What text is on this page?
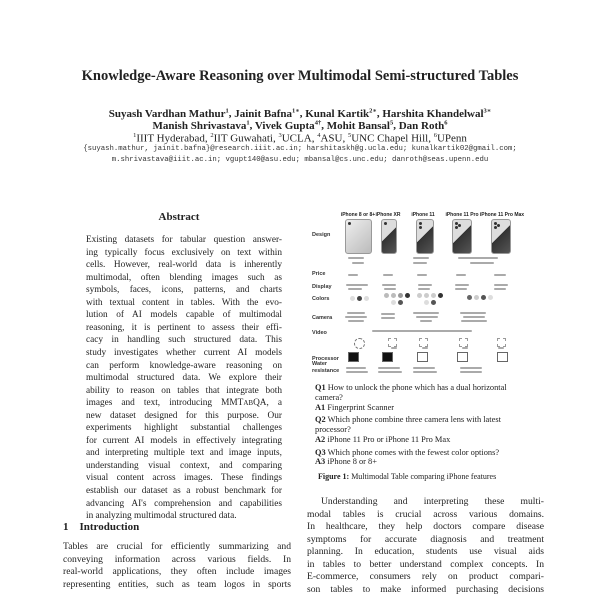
Knowledge-Aware Reasoning over Multimodal Semi-structured Tables
Suyash Vardhan Mathur$^1$, Jainit Bafna$^{1∗}$, Kunal Kartik$^{2∗}$, Harshita Khandelwal$^{3∗}$
Manish Shrivastava$^1$, Vivek Gupta$^{4\dagger}$, Mohit Bansal$^5$, Dan Roth$^6$
$^1$IIIT Hyderabad, $^2$IIT Guwahati, $^3$UCLA, $^4$ASU, $^5$UNC Chapel Hill, $^6$UPenn
{suyash.mathur, jainit.bafna}@research.iiit.ac.in; harshitaskh@g.ucla.edu; kunalkartik02@gmail.com;
m.shrivastava@iiit.ac.in; vgupt140@asu.edu; mbansal@cs.unc.edu; danroth@seas.upenn.edu
Abstract
Existing datasets for tabular question answer-
ing typically focus exclusively on text within
cells. However, real-world data is inherently
multimodal, often blending images such as
symbols, faces, icons, patterns, and charts
with textual content in tables. With the evo-
lution of AI models capable of multimodal
reasoning, it is pertinent to assess their effi-
cacy in handling such structured data. This
study investigates whether current AI models
can perform knowledge-aware reasoning on
multimodal structured data. We explore their
ability to reason on tables that integrate both
images and text, introducing MMTabQA, a
new dataset designed for this purpose. Our
experiments highlight substantial challenges
for current AI models in effectively integrating
and interpreting multiple text and image inputs,
understanding visual context, and comparing
visual content across images. These findings
establish our dataset as a robust benchmark for
advancing AI's comprehension and capabilities
in analyzing multimodal structured data.
1 Introduction
Tables are crucial for efficiently summarizing and
conveying information across various fields. In
real-world applications, they often include images
representing entities, such as team logos in sports
iPhone 8 or 8+ iPhone XR iPhone 11 iPhone 11 Pro iPhone 11 Pro Max
Design
Price
Display
Colors
Camera
Video
Processor
Water resistance
Q1 How to unlock the phone which has a dual horizontal
camera?
A1 Fingerprint Scanner
Q2 Which phone combine three camera lens with latest
processor?
A2 iPhone 11 Pro or iPhone 11 Pro Max
Q3 Which phone comes with the fewest color options?
A3 iPhone 8 or 8+
Figure 1: Multimodal Table comparing iPhone features
Understanding and interpreting these multi-
modal tables is crucial across various domains.
In healthcare, they help doctors compare disease
symptoms for accurate diagnosis and treatment
planning. In education, students use visual aids
in tables to better understand complex concepts. In
E-commerce, consumers rely on product compari-
son tables to make informed purchasing decisions
